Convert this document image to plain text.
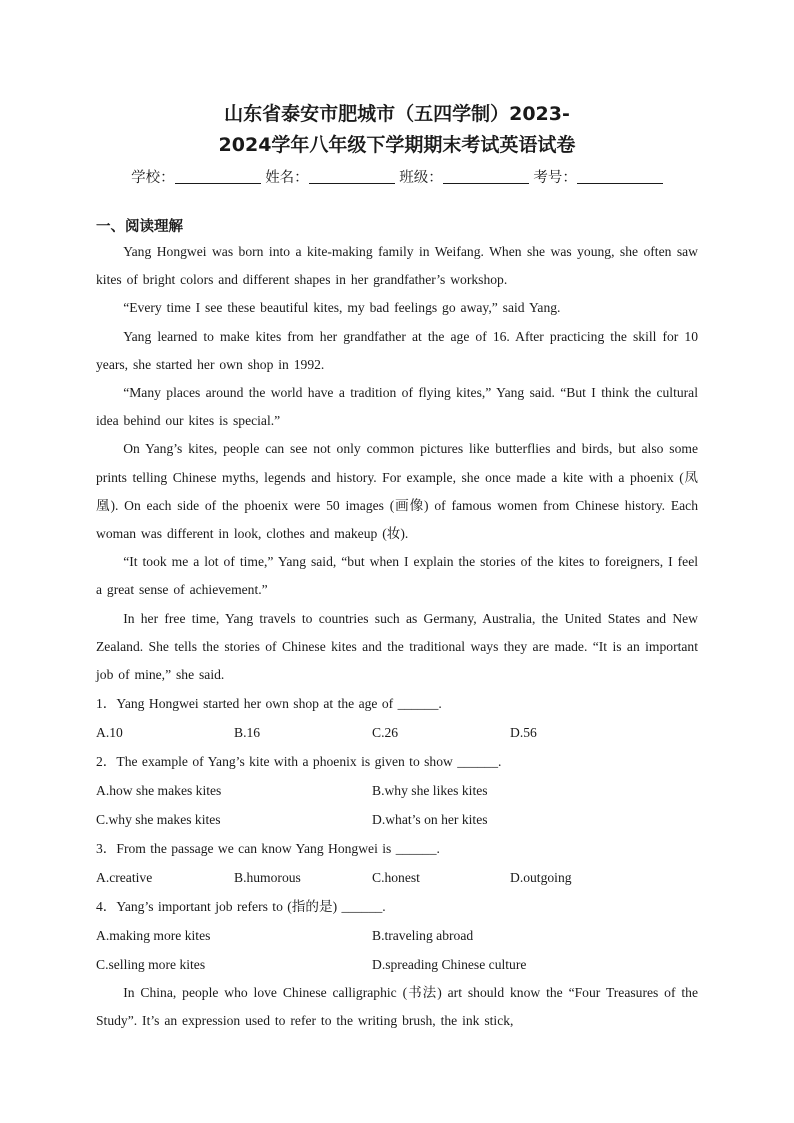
山东省泰安市肥城市（五四学制）2023-
2024学年八年级下学期期末考试英语试卷
学校：	姓名：	班级：	考号：
一、阅读理解

Yang Hongwei was born into a kite-making family in Weifang. When she was young, she often saw kites of bright colors and different shapes in her grandfather’s workshop.

“Every time I see these beautiful kites, my bad feelings go away,” said Yang.

Yang learned to make kites from her grandfather at the age of 16. After practicing the skill for 10 years, she started her own shop in 1992.

“Many places around the world have a tradition of flying kites,” Yang said. “But I think the cultural idea behind our kites is special.”

On Yang’s kites, people can see not only common pictures like butterflies and birds, but also some prints telling Chinese myths, legends and history. For example, she once made a kite with a phoenix (凤凰). On each side of the phoenix were 50 images (画像) of famous women from Chinese history. Each woman was different in look, clothes and makeup (妆).

“It took me a lot of time,” Yang said, “but when I explain the stories of the kites to foreigners, I feel a great sense of achievement.”

In her free time, Yang travels to countries such as Germany, Australia, the United States and New Zealand. She tells the stories of Chinese kites and the traditional ways they are made. “It is an important job of mine,” she said.

1．Yang Hongwei started her own shop at the age of ______.

A.10	B.16	C.26	D.56

2．The example of Yang’s kite with a phoenix is given to show ______.

A.how she makes kites	B.why she likes kites
C.why she makes kites	D.what’s on her kites

3．From the passage we can know Yang Hongwei is ______.

A.creative	B.humorous	C.honest	D.outgoing

4．Yang’s important job refers to (指的是) ______.

A.making more kites	B.traveling abroad
C.selling more kites	D.spreading Chinese culture

In China, people who love Chinese calligraphic (书法) art should know the “Four Treasures of the Study”. It’s an expression used to refer to the writing brush, the ink stick,
